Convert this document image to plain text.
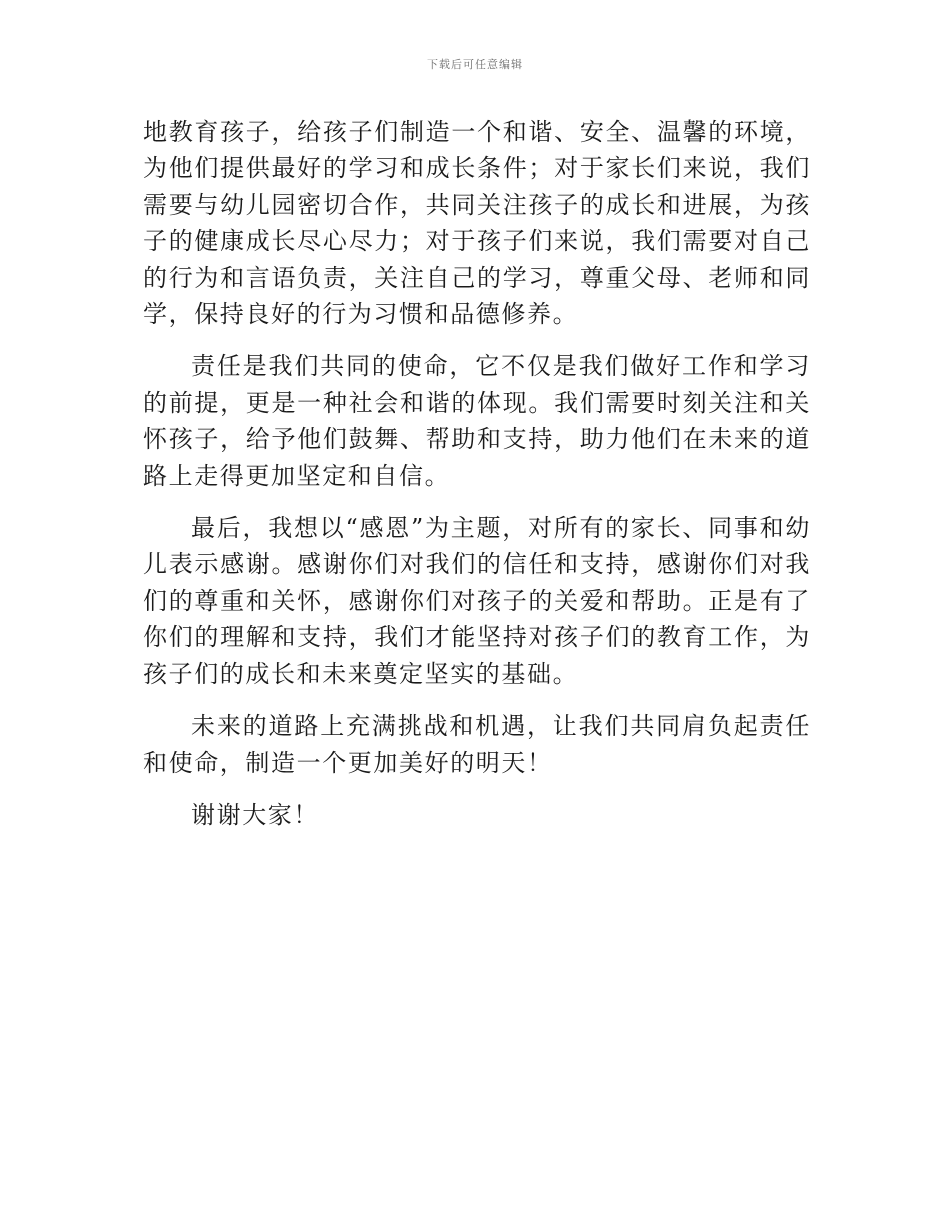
下载后可任意编辑

地教育孩子，给孩子们制造一个和谐、安全、温馨的环境，为他们提供最好的学习和成长条件；对于家长们来说，我们需要与幼儿园密切合作，共同关注孩子的成长和进展，为孩子的健康成长尽心尽力；对于孩子们来说，我们需要对自己的行为和言语负责，关注自己的学习，尊重父母、老师和同学，保持良好的行为习惯和品德修养。

责任是我们共同的使命，它不仅是我们做好工作和学习的前提，更是一种社会和谐的体现。我们需要时刻关注和关怀孩子，给予他们鼓舞、帮助和支持，助力他们在未来的道路上走得更加坚定和自信。

最后，我想以“感恩”为主题，对所有的家长、同事和幼儿表示感谢。感谢你们对我们的信任和支持，感谢你们对我们的尊重和关怀，感谢你们对孩子的关爱和帮助。正是有了你们的理解和支持，我们才能坚持对孩子们的教育工作，为孩子们的成长和未来奠定坚实的基础。

未来的道路上充满挑战和机遇，让我们共同肩负起责任和使命，制造一个更加美好的明天！

谢谢大家！
